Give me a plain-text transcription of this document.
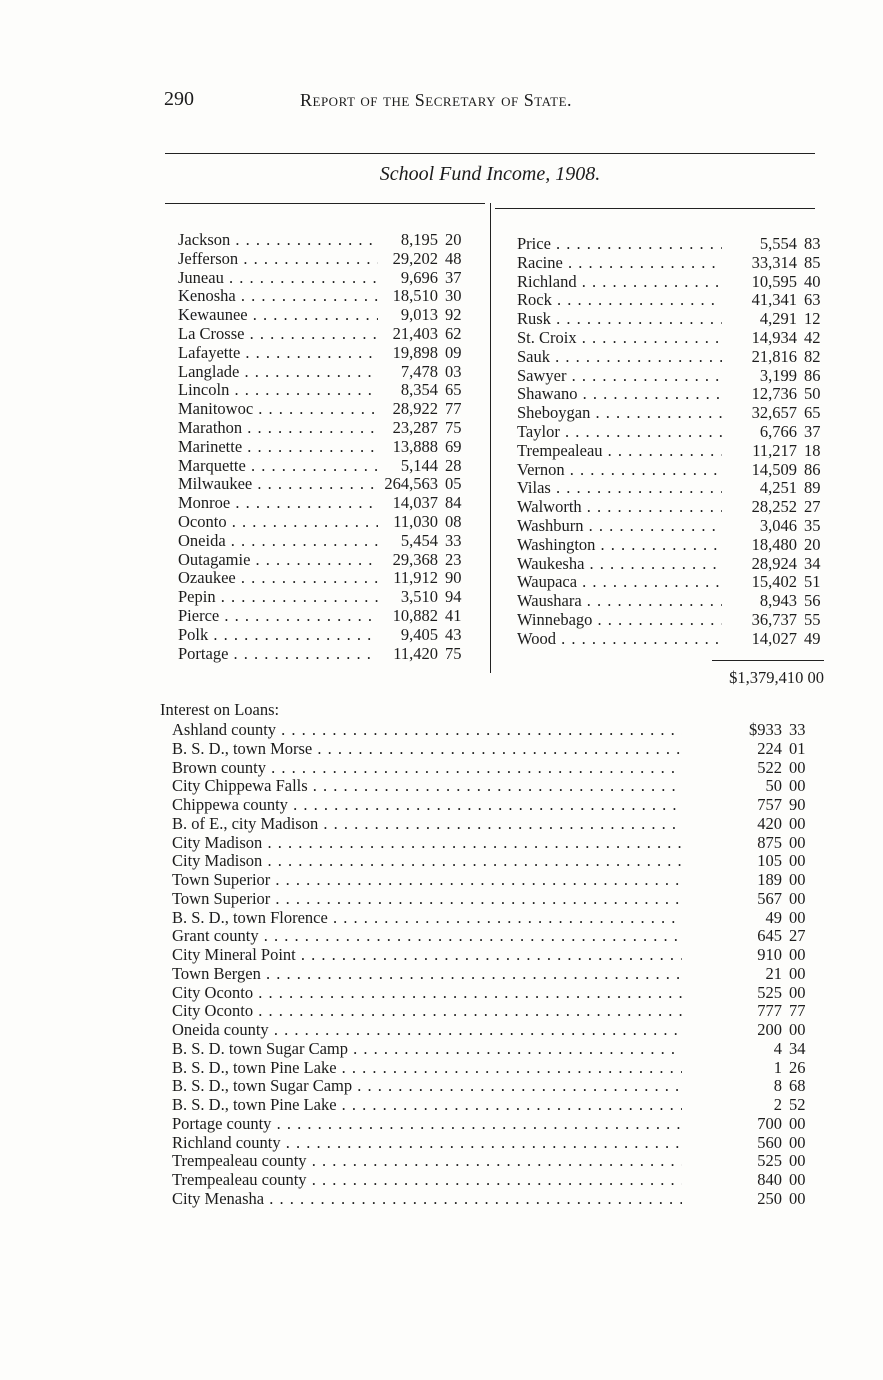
290	Report of the Secretary of State.
School Fund Income, 1908.
Jackson . . .	8,195 20
Jefferson . . .	29,202 48
Juneau . . .	9,696 37
Kenosha . . .	18,510 30
Kewaunee . . .	9,013 92
La Crosse . . .	21,403 62
Lafayette . . .	19,898 09
Langlade . . .	7,478 03
Lincoln . . .	8,354 65
Manitowoc . . .	28,922 77
Marathon . . .	23,287 75
Marinette . . .	13,888 69
Marquette . . .	5,144 28
Milwaukee . . .	264,563 05
Monroe . . .	14,037 84
Oconto . . .	11,030 08
Oneida . . .	5,454 33
Outagamie . . .	29,368 23
Ozaukee . . .	11,912 90
Pepin . . .	3,510 94
Pierce . . .	10,882 41
Polk . . .	9,405 43
Portage . . .	11,420 75
Price . . .	5,554 83
Racine . . .	33,314 85
Richland . . .	10,595 40
Rock . . .	41,341 63
Rusk . . .	4,291 12
St. Croix . . .	14,934 42
Sauk . . .	21,816 82
Sawyer . . .	3,199 86
Shawano . . .	12,736 50
Sheboygan . . .	32,657 65
Taylor . . .	6,766 37
Trempealeau . . .	11,217 18
Vernon . . .	14,509 86
Vilas . . .	4,251 89
Walworth . . .	28,252 27
Washburn . . .	3,046 35
Washington . . .	18,480 20
Waukesha . . .	28,924 34
Waupaca . . .	15,402 51
Waushara . . .	8,943 56
Winnebago . . .	36,737 55
Wood . . .	14,027 49
$1,379,410 00
Interest on Loans:
Ashland county . . .	$933 33
B. S. D., town Morse . . .	224 01
Brown county . . .	522 00
City Chippewa Falls . . .	50 00
Chippewa county . . .	757 90
B. of E., city Madison . . .	420 00
City Madison . . .	875 00
City Madison . . .	105 00
Town Superior . . .	189 00
Town Superior . . .	567 00
B. S. D., town Florence . . .	49 00
Grant county . . .	645 27
City Mineral Point . . .	910 00
Town Bergen . . .	21 00
City Oconto . . .	525 00
City Oconto . . .	777 77
Oneida county . . .	200 00
B. S. D. town Sugar Camp . . .	4 34
B. S. D., town Pine Lake . . .	1 26
B. S. D., town Sugar Camp . . .	8 68
B. S. D., town Pine Lake . . .	2 52
Portage county . . .	700 00
Richland county . . .	560 00
Trempealeau county . . .	525 00
Trempealeau county . . .	840 00
City Menasha . . .	250 00
